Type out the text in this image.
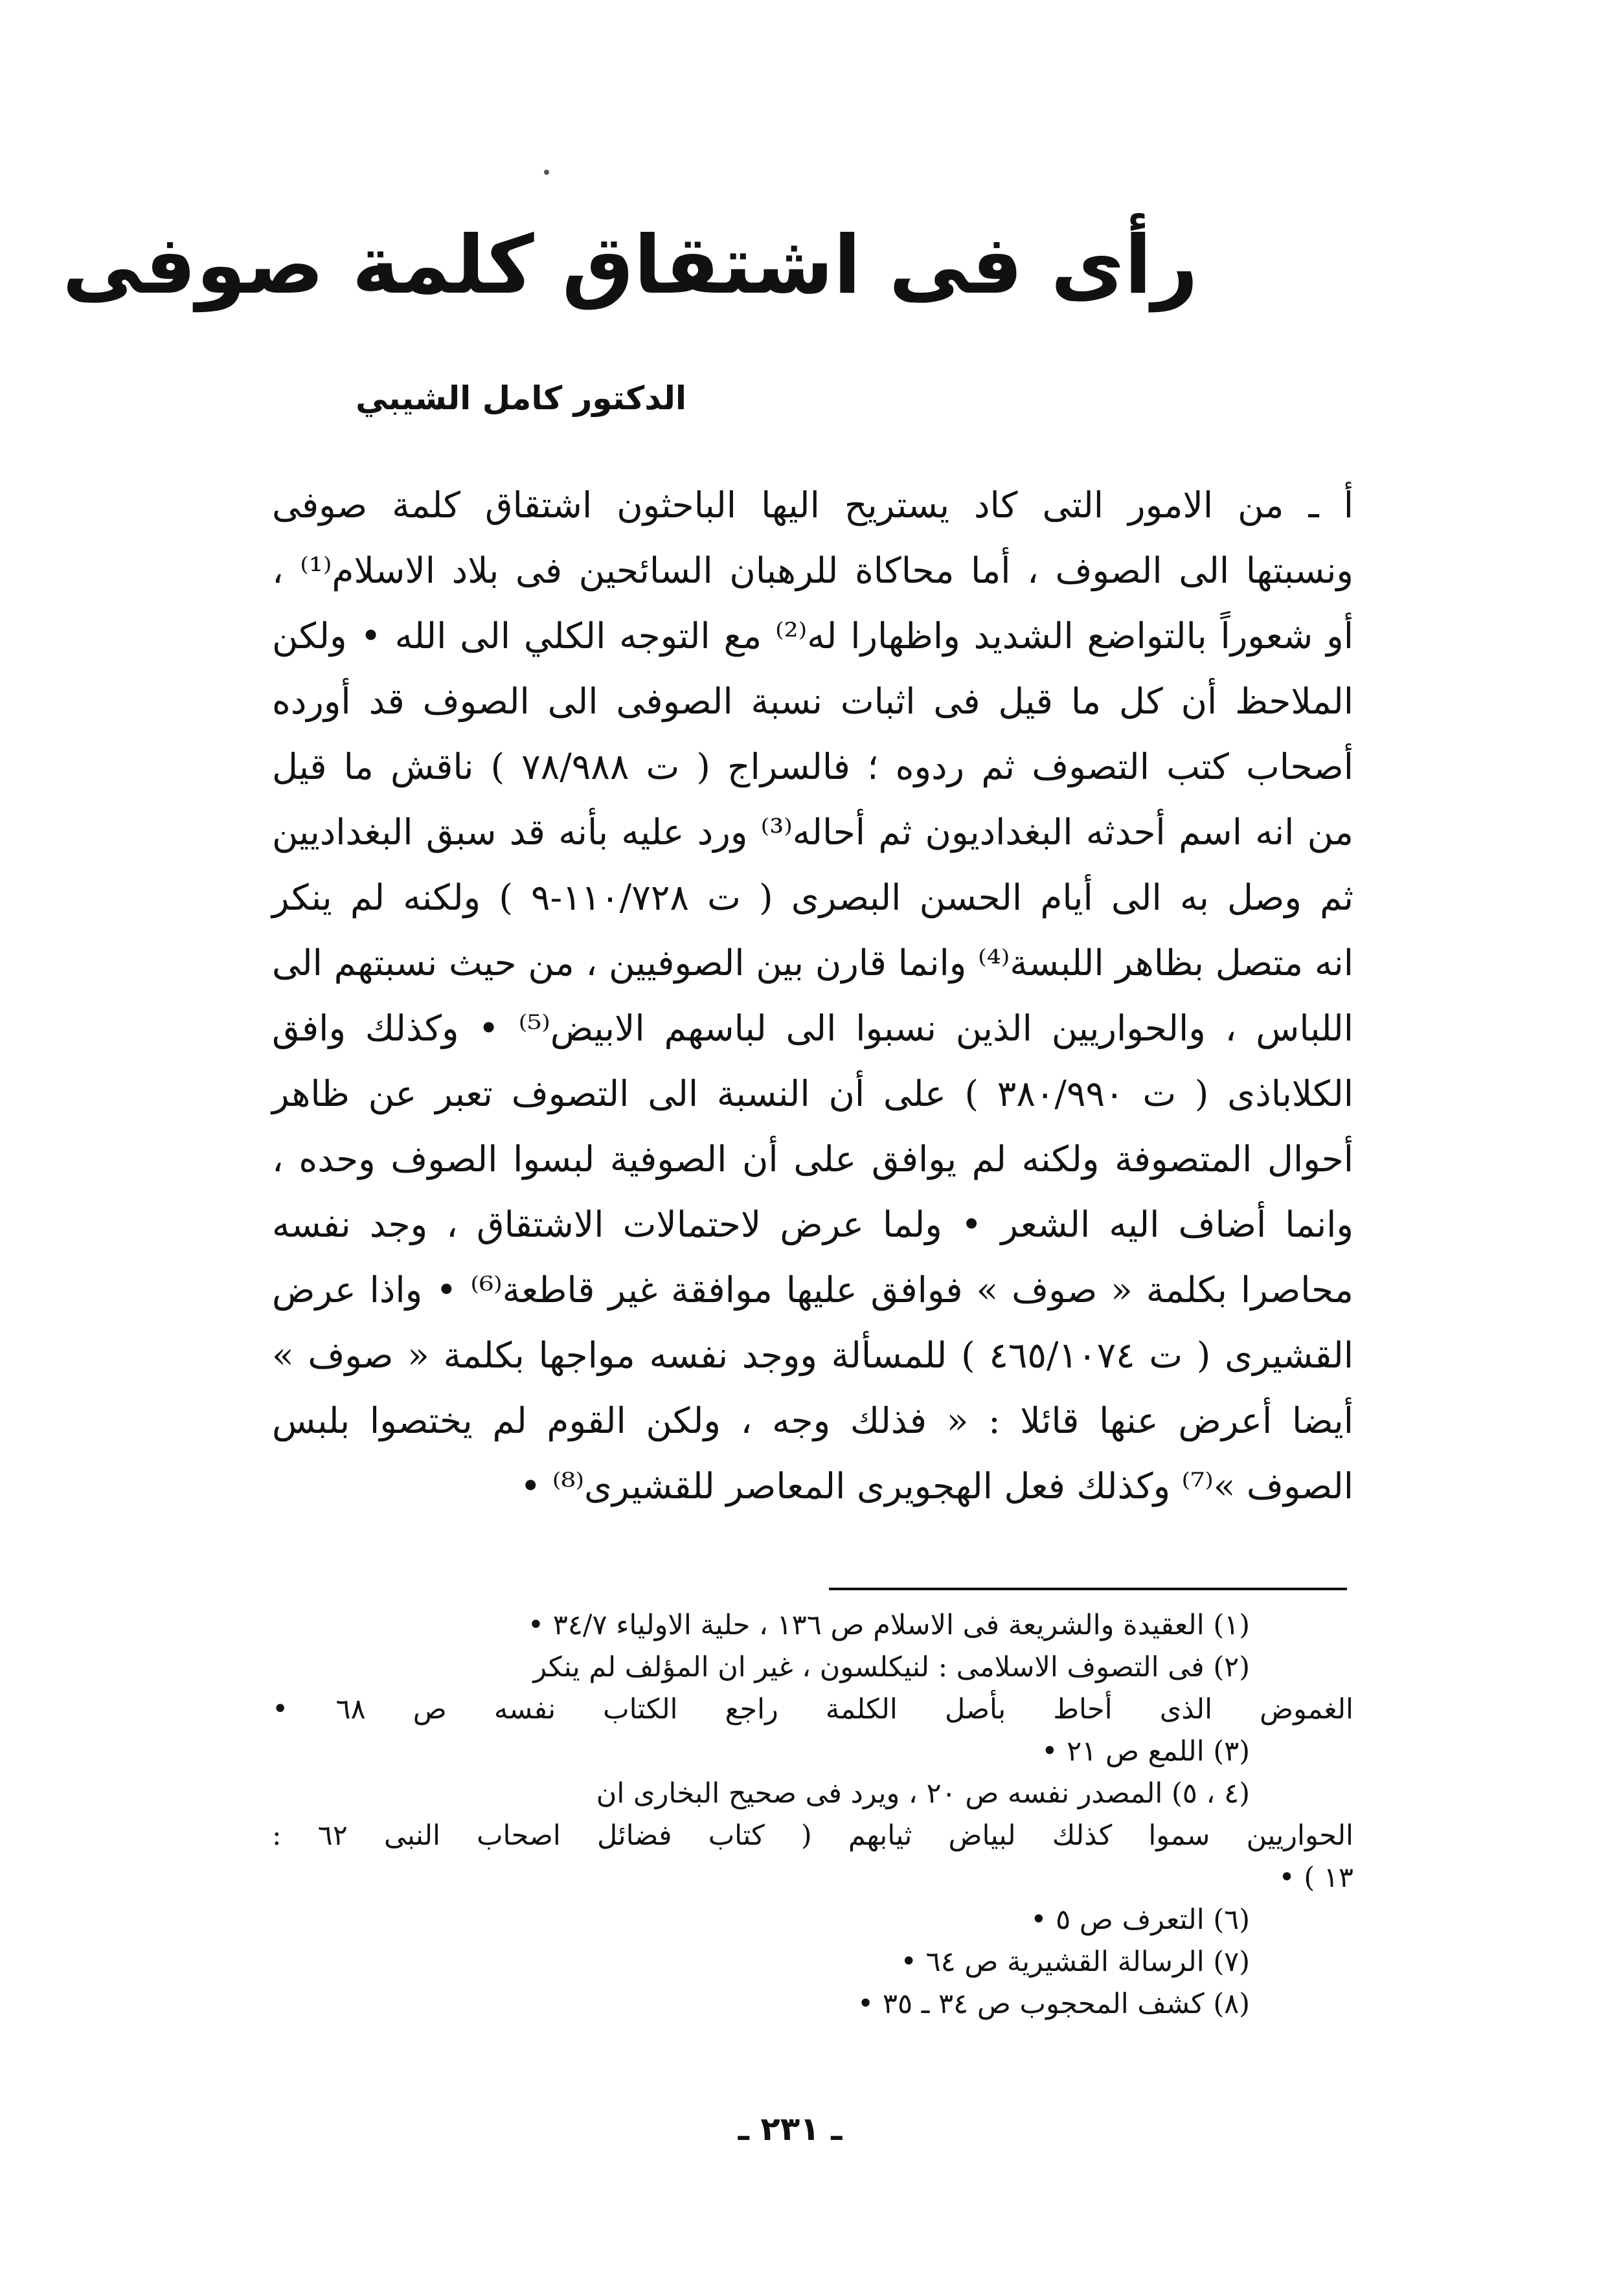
رأى فى اشتقاق كلمة صوفى
الدكتور كامل الشيبي
أ ـ من الامور التى كاد يستريح اليها الباحثون اشتقاق كلمة صوفى
ونسبتها الى الصوف ، أما محاكاة للرهبان السائحين فى بلاد الاسلام⁽¹⁾ ،
أو شعوراً بالتواضع الشديد واظهارا له⁽²⁾ مع التوجه الكلي الى الله • ولكن
الملاحظ أن كل ما قيل فى اثبات نسبة الصوفى الى الصوف قد أورده
أصحاب كتب التصوف ثم ردوه ؛ فالسراج ( ت ٧٨/٩٨٨ ) ناقش ما قيل
من انه اسم أحدثه البغداديون ثم أحاله⁽³⁾ ورد عليه بأنه قد سبق البغداديين
ثم وصل به الى أيام الحسن البصرى ( ت ١١٠/٧٢٨-٩ ) ولكنه لم ينكر
انه متصل بظاهر اللبسة⁽⁴⁾ وانما قارن بين الصوفيين ، من حيث نسبتهم الى
اللباس ، والحواريين الذين نسبوا الى لباسهم الابيض⁽⁵⁾ • وكذلك وافق
الكلاباذى ( ت ٣٨٠/٩٩٠ ) على أن النسبة الى التصوف تعبر عن ظاهر
أحوال المتصوفة ولكنه لم يوافق على أن الصوفية لبسوا الصوف وحده ،
وانما أضاف اليه الشعر • ولما عرض لاحتمالات الاشتقاق ، وجد نفسه
محاصرا بكلمة « صوف » فوافق عليها موافقة غير قاطعة⁽⁶⁾ • واذا عرض
القشيرى ( ت ٤٦٥/١٠٧٤ ) للمسألة ووجد نفسه مواجها بكلمة « صوف »
أيضا أعرض عنها قائلا : « فذلك وجه ، ولكن القوم لم يختصوا بلبس
الصوف »⁽⁷⁾ وكذلك فعل الهجويرى المعاصر للقشيرى⁽⁸⁾ •
(١) العقيدة والشريعة فى الاسلام ص ١٣٦ ، حلية الاولياء ٣٤/٧ •
(٢) فى التصوف الاسلامى : لنيكلسون ، غير ان المؤلف لم ينكر
الغموض الذى أحاط بأصل الكلمة راجع الكتاب نفسه ص ٦٨ •
(٣) اللمع ص ٢١ •
(٤ ، ٥) المصدر نفسه ص ٢٠ ، ويرد فى صحيح البخارى ان
الحواريين سموا كذلك لبياض ثيابهم ( كتاب فضائل اصحاب النبى ٦٢ :
١٣ ) •
(٦) التعرف ص ٥ •
(٧) الرسالة القشيرية ص ٦٤ •
(٨) كشف المحجوب ص ٣٤ ـ ٣٥ •
ـ ٢٣١ ـ
